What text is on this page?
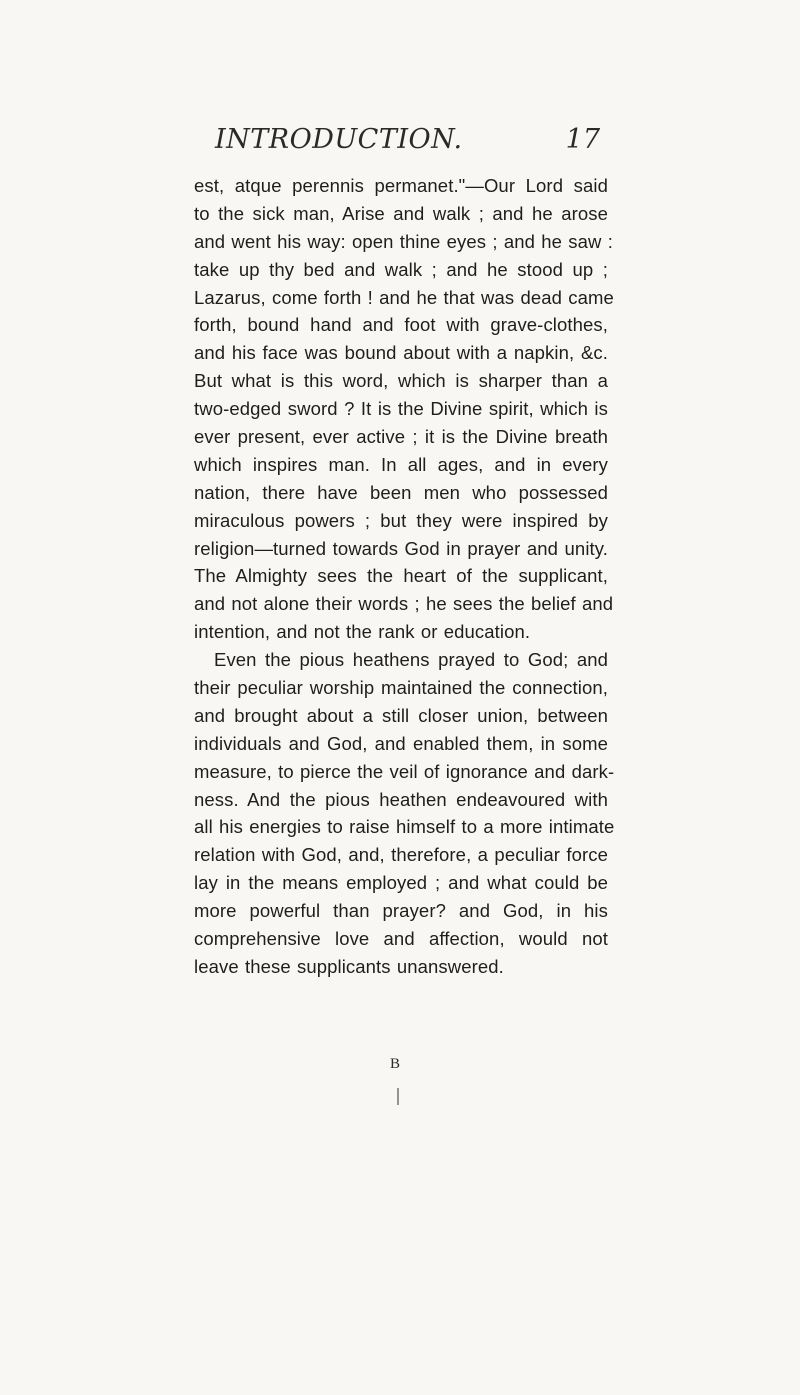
INTRODUCTION.	17
est, atque perennis permanet."—Our Lord said
to the sick man, Arise and walk ; and he arose
and went his way: open thine eyes ; and he saw :
take up thy bed and walk ; and he stood up ;
Lazarus, come forth ! and he that was dead came
forth, bound hand and foot with grave-clothes,
and his face was bound about with a napkin, &c.
But what is this word, which is sharper than a
two-edged sword ? It is the Divine spirit, which is
ever present, ever active ; it is the Divine breath
which inspires man. In all ages, and in every
nation, there have been men who possessed
miraculous powers ; but they were inspired by
religion—turned towards God in prayer and unity.
The Almighty sees the heart of the supplicant,
and not alone their words ; he sees the belief and
intention, and not the rank or education.
Even the pious heathens prayed to God; and
their peculiar worship maintained the connection,
and brought about a still closer union, between
individuals and God, and enabled them, in some
measure, to pierce the veil of ignorance and dark-
ness. And the pious heathen endeavoured with
all his energies to raise himself to a more intimate
relation with God, and, therefore, a peculiar force
lay in the means employed ; and what could be
more powerful than prayer? and God, in his
comprehensive love and affection, would not
leave these supplicants unanswered.
B
